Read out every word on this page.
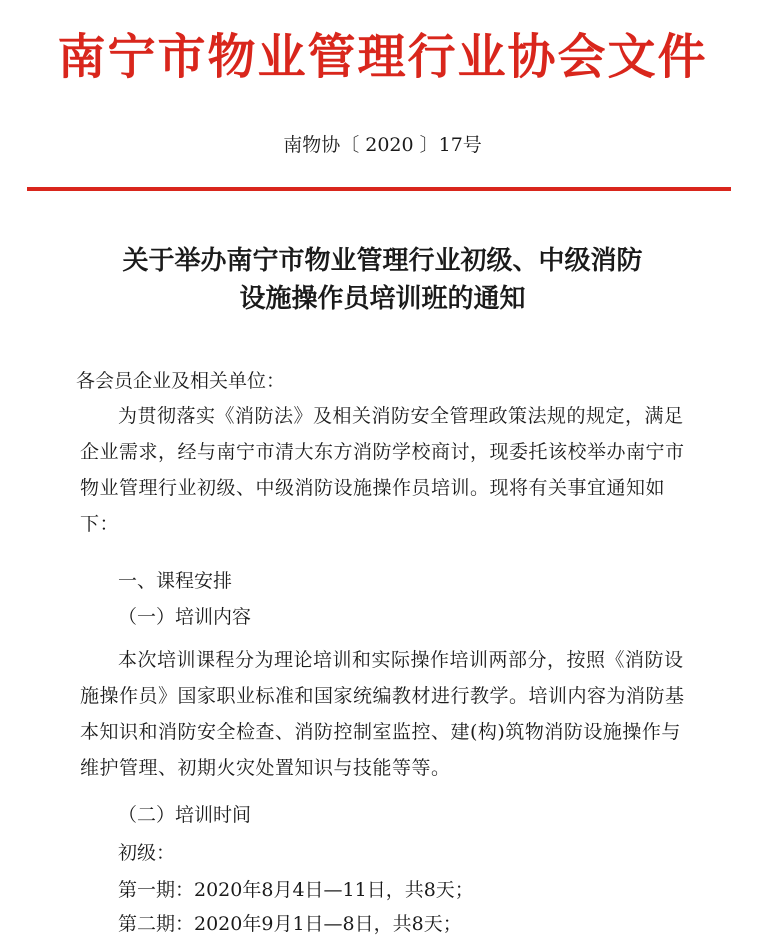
南宁市物业管理行业协会文件
南物协〔 2020 〕17号
关于举办南宁市物业管理行业初级、中级消防
设施操作员培训班的通知
各会员企业及相关单位：
为贯彻落实《消防法》及相关消防安全管理政策法规的规定，满足企业需求，经与南宁市清大东方消防学校商讨，现委托该校举办南宁市物业管理行业初级、中级消防设施操作员培训。现将有关事宜通知如下：
一、课程安排
（一）培训内容
本次培训课程分为理论培训和实际操作培训两部分，按照《消防设施操作员》国家职业标准和国家统编教材进行教学。培训内容为消防基本知识和消防安全检查、消防控制室监控、建(构)筑物消防设施操作与维护管理、初期火灾处置知识与技能等等。
（二）培训时间
初级：
第一期：2020年8月4日—11日，共8天；
第二期：2020年9月1日—8日，共8天；
